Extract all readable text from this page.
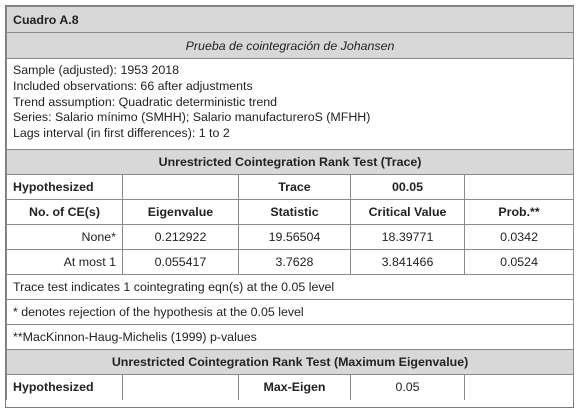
Cuadro A.8				
Prueba de cointegración de Johansen				

Sample (adjusted): 1953 2018
Included observations: 66 after adjustments
Trend assumption: Quadratic deterministic trend
Series: Salario mínimo (SMHH); Salario manufactureroS (MFHH)
Lags interval (in first differences): 1 to 2				

Unrestricted Cointegration Rank Test (Trace)				
Hypothesized		Trace	00.05	
No. of CE(s)	Eigenvalue	Statistic	Critical Value	Prob.**
None*	0.212922	19.56504	18.39771	0.0342
At most 1	0.055417	3.7628	3.841466	0.0524
Trace test indicates 1 cointegrating eqn(s) at the 0.05 level				
* denotes rejection of the hypothesis at the 0.05 level				
**MacKinnon-Haug-Michelis (1999) p-values				
Unrestricted Cointegration Rank Test (Maximum Eigenvalue)				
Hypothesized		Max-Eigen	0.05	
